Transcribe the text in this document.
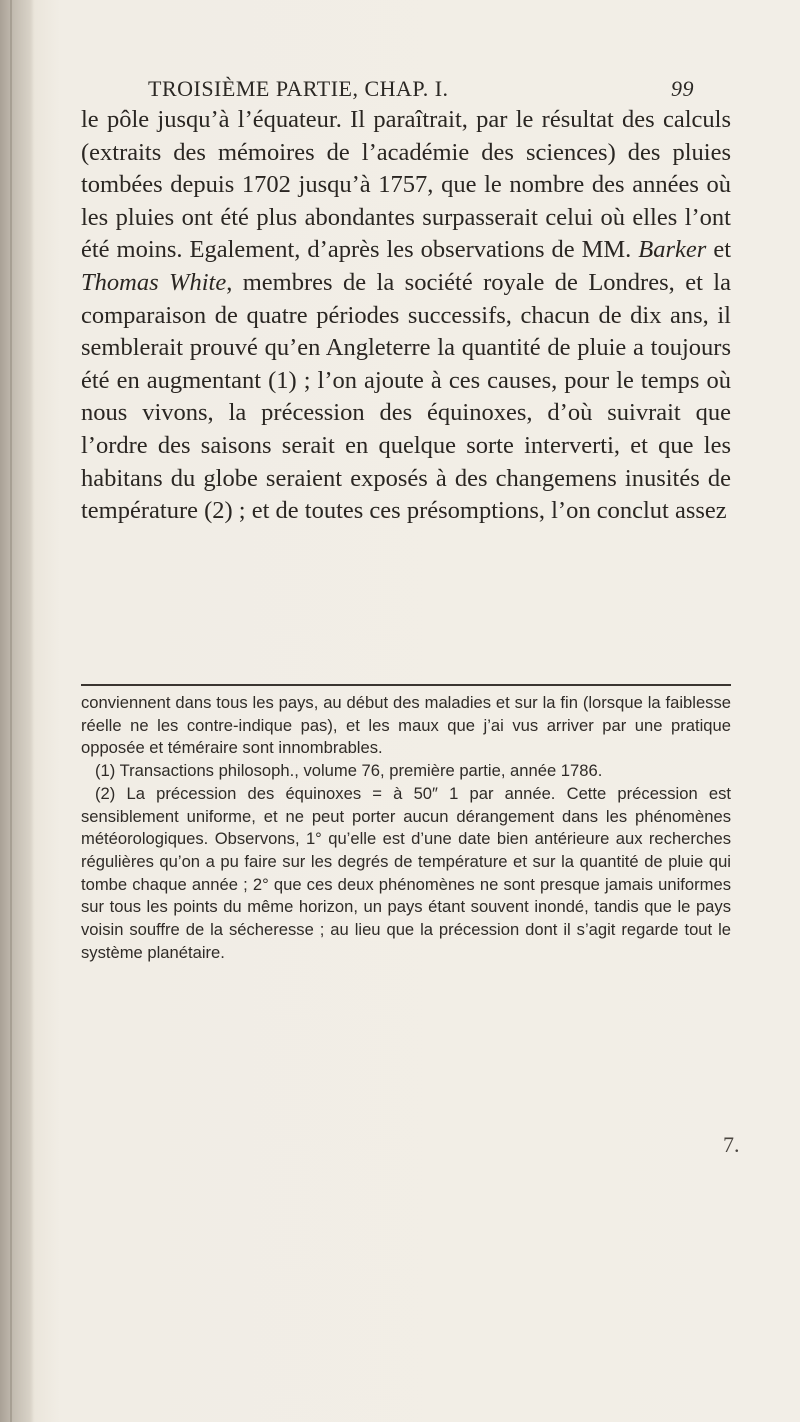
TROISIÈME PARTIE, CHAP. I.	99

le pôle jusqu’à l’équateur. Il paraîtrait, par le résultat des calculs (extraits des mémoires de l’académie des sciences) des pluies tombées depuis 1702 jusqu’à 1757, que le nombre des années où les pluies ont été plus abondantes surpasserait celui où elles l’ont été moins. Egalement, d’après les observations de MM. Barker et Thomas White, membres de la société royale de Londres, et la comparaison de quatre périodes successifs, chacun de dix ans, il semblerait prouvé qu’en Angleterre la quantité de pluie a toujours été en augmentant (1) ; l’on ajoute à ces causes, pour le temps où nous vivons, la précession des équinoxes, d’où suivrait que l’ordre des saisons serait en quelque sorte interverti, et que les habitans du globe seraient exposés à des changemens inusités de température (2) ; et de toutes ces présomptions, l’on conclut assez

conviennent dans tous les pays, au début des maladies et sur la fin (lorsque la faiblesse réelle ne les contre-indique pas), et les maux que j’ai vus arriver par une pratique opposée et téméraire sont innombrables.

(1) Transactions philosoph., volume 76, première partie, année 1786.

(2) La précession des équinoxes = à 50″ 1 par année. Cette précession est sensiblement uniforme, et ne peut porter aucun dérangement dans les phénomènes météorologiques. Observons, 1° qu’elle est d’une date bien antérieure aux recherches régulières qu’on a pu faire sur les degrés de température et sur la quantité de pluie qui tombe chaque année ; 2° que ces deux phénomènes ne sont presque jamais uniformes sur tous les points du même horizon, un pays étant souvent inondé, tandis que le pays voisin souffre de la sécheresse ; au lieu que la précession dont il s’agit regarde tout le système planétaire.

7.
